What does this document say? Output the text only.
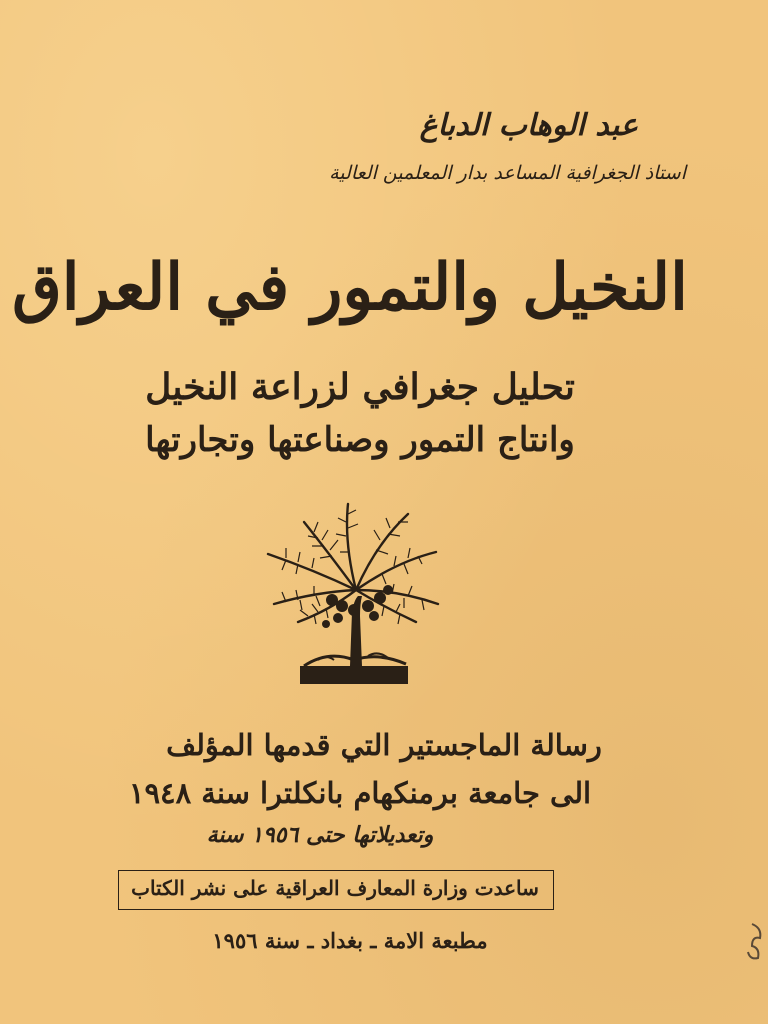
عبد الوهاب الدباغ
استاذ الجغرافية المساعد بدار المعلمين العالية
النخيل والتمور في العراق
تحليل جغرافي لزراعة النخيل
وانتاج التمور وصناعتها وتجارتها
رسالة الماجستير التي قدمها المؤلف
الى جامعة برمنكهام بانكلترا سنة ١٩٤٨
وتعديلاتها حتى ١٩٥٦ سنة
ساعدت وزارة المعارف العراقية على نشر الكتاب
مطبعة الامة ـ بغداد ـ سنة ١٩٥٦
